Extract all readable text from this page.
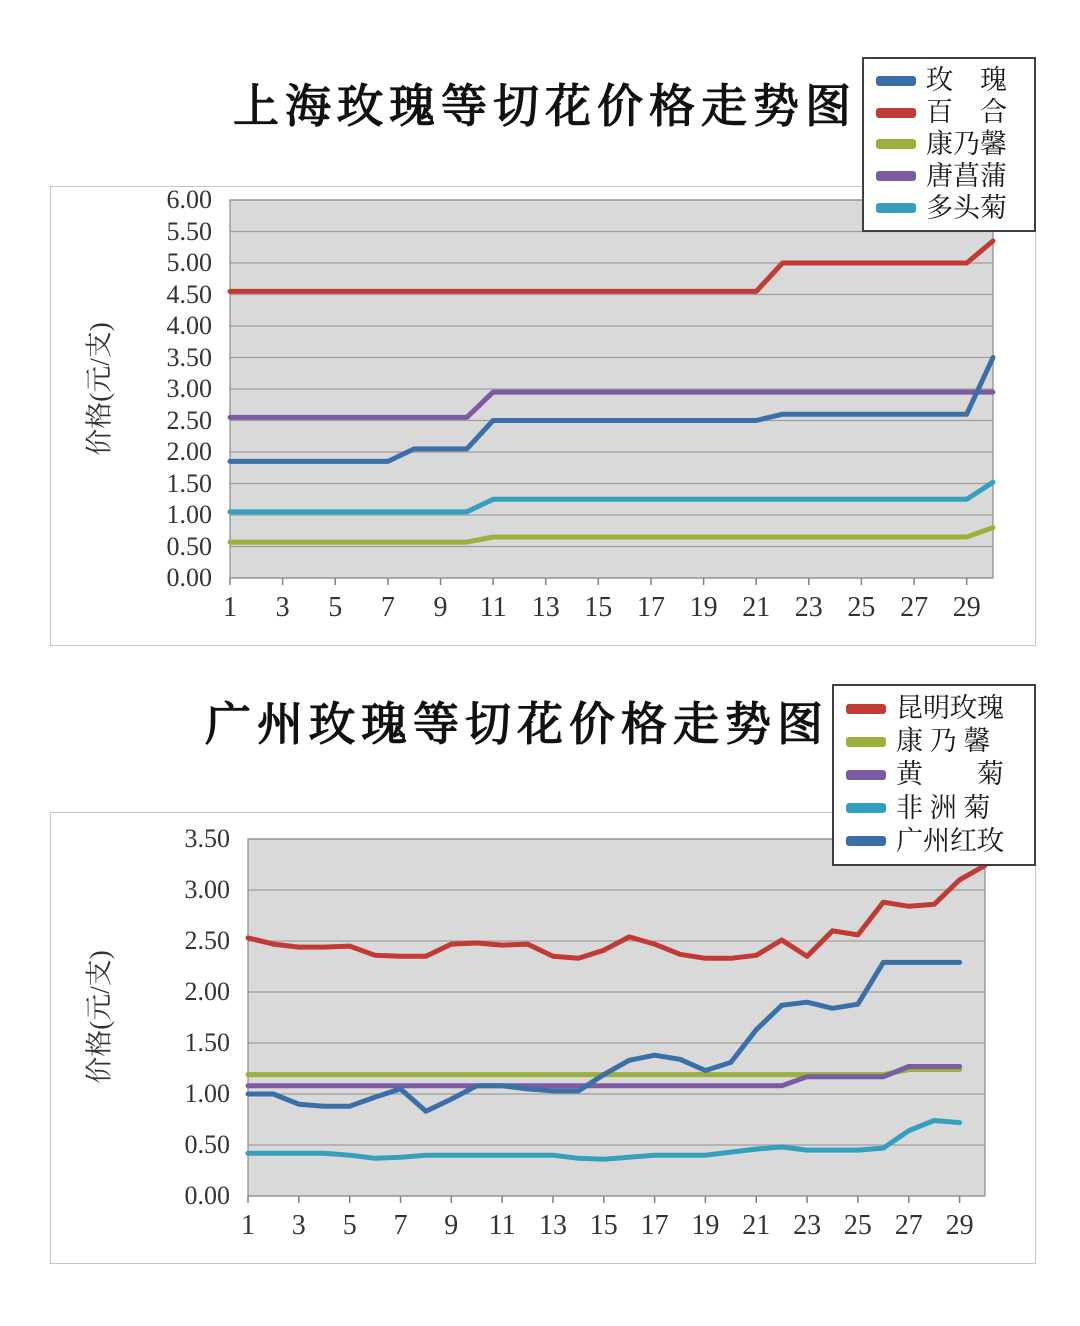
上海玫瑰等切花价格走势图
广州玫瑰等切花价格走势图
价格(元/支)
价格(元/支)
玫    瑰
百    合
康乃馨
唐菖蒲
多头菊
昆明玫瑰
康 乃 馨
黄        菊
非 洲 菊
广州红玫
6.00
5.50
5.00
4.50
4.00
3.50
3.00
2.50
2.00
1.50
1.00
0.50
0.00
1	3	5	7	9	11 13 15 17 19 21 23 25 27 29
3.50
3.00
2.50
2.00
1.50
1.00
0.50
0.00
1	3	5	7	9	11 13 15 17 19 21 23 25 27 29
